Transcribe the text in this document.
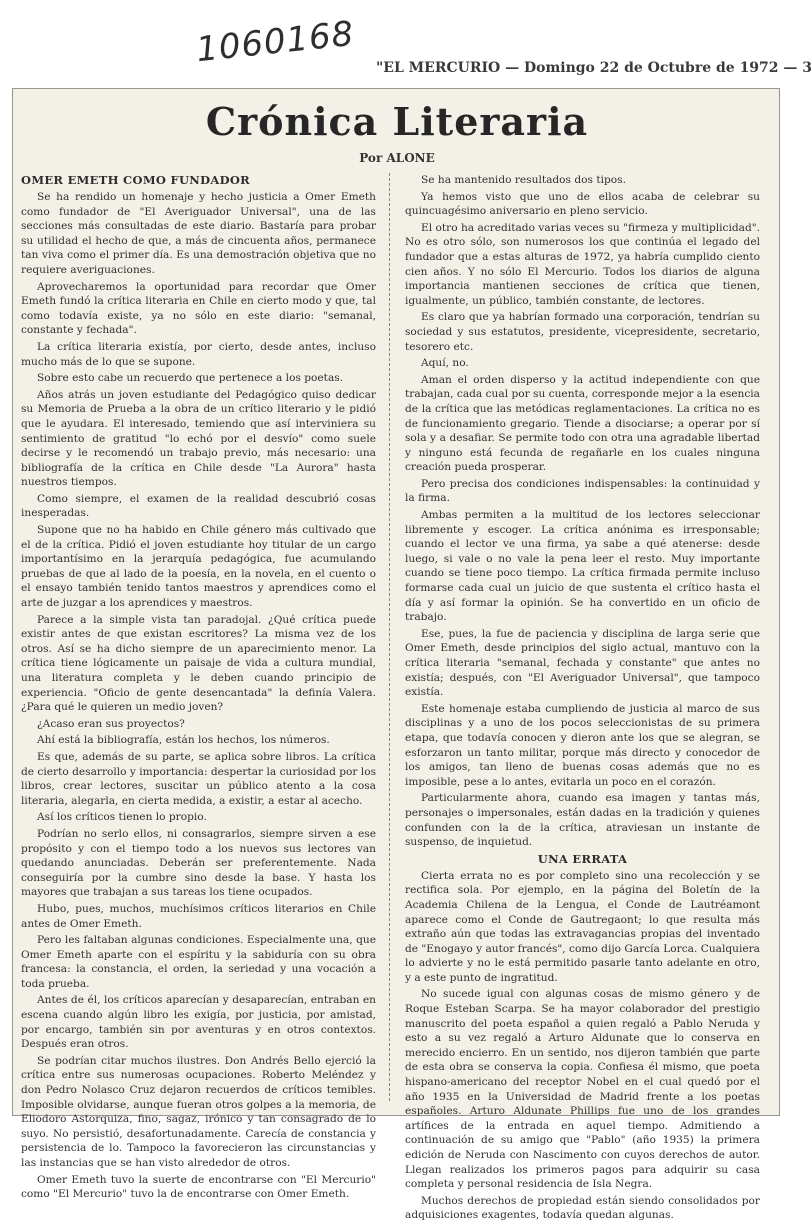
1060168 "EL MERCURIO — Domingo 22 de Octubre de 1972 — 3
Crónica Literaria
Por ALONE
OMER EMETH COMO FUNDADOR

Se ha rendido un homenaje y hecho justicia a Omer Emeth como fundador de "El Averiguador Universal", una de las secciones más consultadas de este diario. Bastaría para probar su utilidad el hecho de que, a más de cincuenta años, permanece tan viva como el primer día. Es una demostración objetiva que no requiere averiguaciones.

Aprovecharemos la oportunidad para recordar que Omer Emeth fundó la crítica literaria en Chile en cierto modo y que, tal como todavía existe, ya no sólo en este diario: "semanal, constante y fechada".

La crítica literaria existía, por cierto, desde antes, incluso mucho más de lo que se supone.

Sobre esto cabe un recuerdo que pertenece a los poetas.

Años atrás un joven estudiante del Pedagógico quiso dedicar su Memoria de Prueba a la obra de un crítico literario y le pidió que le ayudara. El interesado, temiendo que así interviniera su sentimiento de gratitud "lo echó por el desvío" como suele decirse y le recomendó un trabajo previo, más necesario: una bibliografía de la crítica en Chile desde "La Aurora" hasta nuestros tiempos.

Como siempre, el examen de la realidad descubrió cosas inesperadas.

Supone que no ha habido en Chile género más cultivado que el de la crítica. Pidió el joven estudiante hoy titular de un cargo importantísimo en la jerarquía pedagógica, fue acumulando pruebas de que al lado de la poesía, en la novela, en el cuento o el ensayo también tenido tantos maestros y aprendices como el arte de juzgar a los aprendices y maestros.

Parece a la simple vista tan paradojal. ¿Qué crítica puede existir antes de que existan escritores? La misma vez de los otros. Así se ha dicho siempre de un aparecimiento menor. La crítica tiene lógicamente un paisaje de vida a cultura mundial, una literatura completa y le deben cuando principio de experiencia. "Oficio de gente desencantada" la definía Valera. ¿Para qué le quieren un medio joven?

¿Acaso eran sus proyectos?

Ahí está la bibliografía, están los hechos, los números.

Es que, además de su parte, se aplica sobre libros. La crítica de cierto desarrollo y importancia: despertar la curiosidad por los libros, crear lectores, suscitar un público atento a la cosa literaria, alegarla, en cierta medida, a existir, a estar al acecho.

Así los críticos tienen lo propio.

Podrían no serlo ellos, ni consagrarlos, siempre sirven a ese propósito y con el tiempo todo a los nuevos sus lectores van quedando anunciadas. Deberán ser preferentemente. Nada conseguiría por la cumbre sino desde la base. Y hasta los mayores que trabajan a sus tareas los tiene ocupados.

Hubo, pues, muchos, muchísimos críticos literarios en Chile antes de Omer Emeth.

Pero les faltaban algunas condiciones. Especialmente una, que Omer Emeth aparte con el espíritu y la sabiduría con su obra francesa: la constancia, el orden, la seriedad y una vocación a toda prueba.

Antes de él, los críticos aparecían y desaparecían, entraban en escena cuando algún libro les exigía, por justicia, por amistad, por encargo, también sin por aventuras y en otros contextos. Después eran otros.

Se podrían citar muchos ilustres. Don Andrés Bello ejerció la crítica entre sus numerosas ocupaciones. Roberto Meléndez y don Pedro Nolasco Cruz dejaron recuerdos de críticos temibles. Imposible olvidarse, aunque fueran otros golpes a la memoria, de Eliodoro Astorquiza, fino, sagaz, irónico y tan consagrado de lo suyo. No persistió, desafortunadamente. Carecía de constancia y persistencia de lo. Tampoco la favorecieron las circunstancias y las instancias que se han visto alrededor de otros.

Omer Emeth tuvo la suerte de encontrarse con "El Mercurio" como "El Mercurio" tuvo la de encontrarse con Omer Emeth.

Se ha mantenido resultados dos tipos.

Ya hemos visto que uno de ellos acaba de celebrar su quincuagésimo aniversario en pleno servicio.

El otro ha acreditado varias veces su "firmeza y multiplicidad". No es otro sólo, son numerosos los que continúa el legado del fundador que a estas alturas de 1972, ya habría cumplido ciento cien años. Y no sólo El Mercurio. Todos los diarios de alguna importancia mantienen secciones de crítica que tienen, igualmente, un público, también constante, de lectores.

Es claro que ya habrían formado una corporación, tendrían su sociedad y sus estatutos, presidente, vicepresidente, secretario, tesorero etc.

Aquí, no.

Aman el orden disperso y la actitud independiente con que trabajan, cada cual por su cuenta, corresponde mejor a la esencia de la crítica que las metódicas reglamentaciones. La crítica no es de funcionamiento gregario. Tiende a disociarse; a operar por sí sola y a desafiar. Se permite todo con otra una agradable libertad y ninguno está fecunda de regañarle en los cuales ninguna creación pueda prosperar.

Pero precisa dos condiciones indispensables: la continuidad y la firma.

Ambas permiten a la multitud de los lectores seleccionar libremente y escoger. La crítica anónima es irresponsable; cuando el lector ve una firma, ya sabe a qué atenerse: desde luego, si vale o no vale la pena leer el resto. Muy importante cuando se tiene poco tiempo. La crítica firmada permite incluso formarse cada cual un juicio de que sustenta el crítico hasta el día y así formar la opinión. Se ha convertido en un oficio de trabajo.

Ese, pues, la fue de paciencia y disciplina de larga serie que Omer Emeth, desde principios del siglo actual, mantuvo con la crítica literaria "semanal, fechada y constante" que antes no existía; después, con "El Averiguador Universal", que tampoco existía.

Este homenaje estaba cumpliendo de justicia al marco de sus disciplinas y a uno de los pocos seleccionistas de su primera etapa, que todavía conocen y dieron ante los que se alegran, se esforzaron un tanto militar, porque más directo y conocedor de los amigos, tan lleno de buenas cosas además que no es imposible, pese a lo antes, evitarla un poco en el corazón.

Particularmente ahora, cuando esa imagen y tantas más, personajes o impersonales, están dadas en la tradición y quienes confunden con la de la crítica, atraviesan un instante de suspenso, de inquietud.

UNA ERRATA

Cierta errata no es por completo sino una recolección y se rectifica sola. Por ejemplo, en la página del Boletín de la Academia Chilena de la Lengua, el Conde de Lautréamont aparece como el Conde de Gautregaont; lo que resulta más extraño aún que todas las extravagancias propias del inventado de "Enogayo y autor francés", como dijo García Lorca. Cualquiera lo advierte y no le está permitido pasarle tanto adelante en otro, y a este punto de ingratitud.

No sucede igual con algunas cosas de mismo género y de Roque Esteban Scarpa. Se ha mayor colaborador del prestigio manuscrito del poeta español a quien regaló a Pablo Neruda y esto a su vez regaló a Arturo Aldunate que lo conserva en merecido encierro. En un sentido, nos dijeron también que parte de esta obra se conserva la copia. Confiesa él mismo, que poeta hispano-americano del receptor Nobel en el cual quedó por el año 1935 en la Universidad de Madrid frente a los poetas españoles. Arturo Aldunate Phillips fue uno de los grandes artífices de la entrada en aquel tiempo. Admitiendo a continuación de su amigo que "Pablo" (año 1935) la primera edición de Neruda con Nascimento con cuyos derechos de autor. Llegan realizados los primeros pagos para adquirir su casa completa y personal residencia de Isla Negra.

Muchos derechos de propiedad están siendo consolidados por adquisiciones exagentes, todavía quedan algunas.
